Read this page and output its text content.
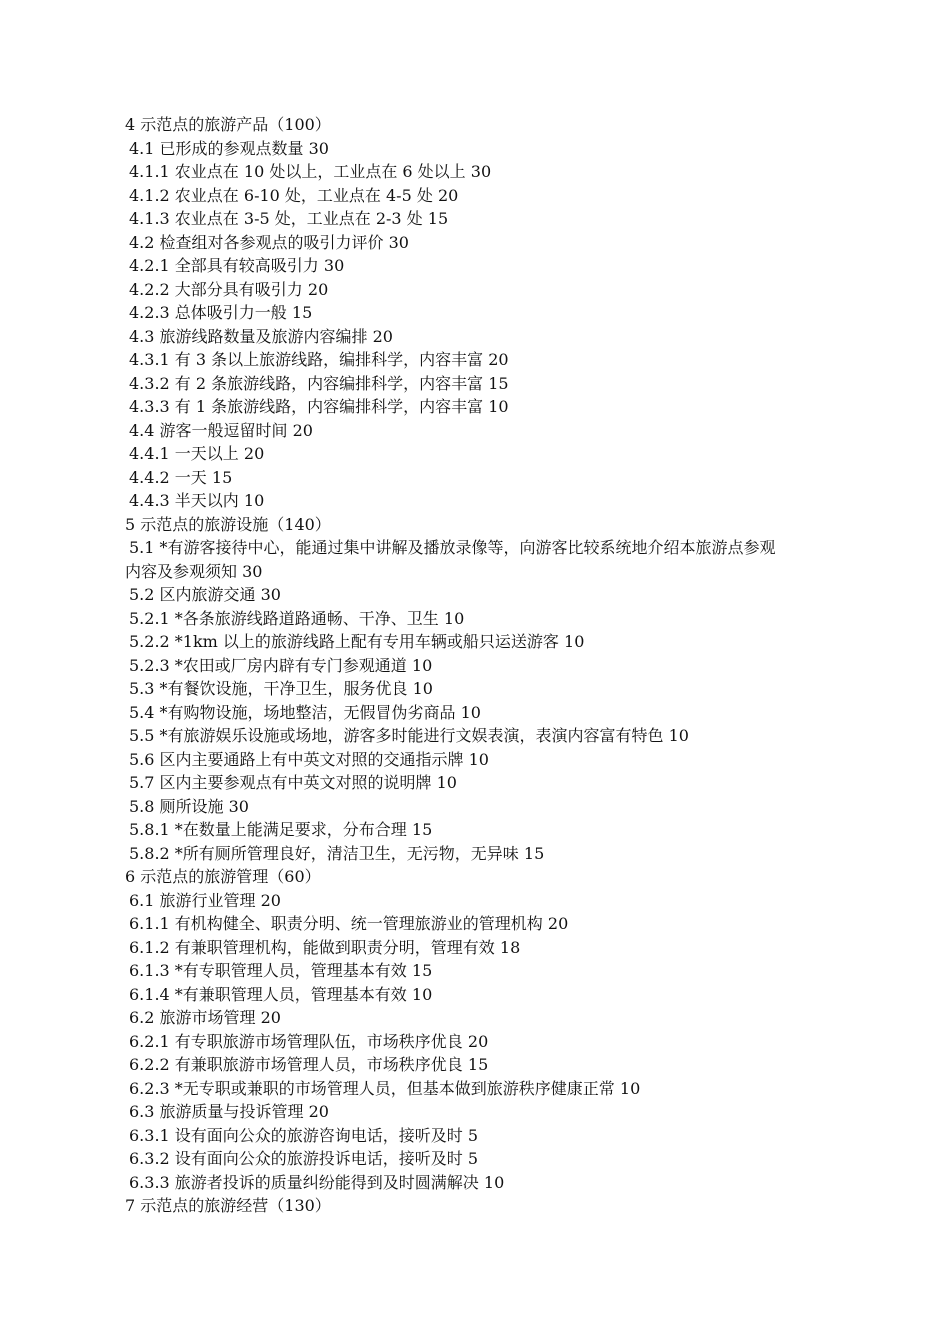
4 示范点的旅游产品（100）
4.1 已形成的参观点数量 30
4.1.1 农业点在 10 处以上，工业点在 6 处以上 30
4.1.2 农业点在 6-10 处，工业点在 4-5 处 20
4.1.3 农业点在 3-5 处，工业点在 2-3 处 15
4.2 检查组对各参观点的吸引力评价 30
4.2.1 全部具有较高吸引力 30
4.2.2 大部分具有吸引力 20
4.2.3 总体吸引力一般 15
4.3 旅游线路数量及旅游内容编排 20
4.3.1 有 3 条以上旅游线路，编排科学，内容丰富 20
4.3.2 有 2 条旅游线路，内容编排科学，内容丰富 15
4.3.3 有 1 条旅游线路，内容编排科学，内容丰富 10
4.4 游客一般逗留时间 20
4.4.1 一天以上 20
4.4.2 一天 15
4.4.3 半天以内 10
5 示范点的旅游设施（140）
5.1 *有游客接待中心，能通过集中讲解及播放录像等，向游客比较系统地介绍本旅游点参观
内容及参观须知 30
5.2 区内旅游交通 30
5.2.1 *各条旅游线路道路通畅、干净、卫生 10
5.2.2 *1km 以上的旅游线路上配有专用车辆或船只运送游客 10
5.2.3 *农田或厂房内辟有专门参观通道 10
5.3 *有餐饮设施，干净卫生，服务优良 10
5.4 *有购物设施，场地整洁，无假冒伪劣商品 10
5.5 *有旅游娱乐设施或场地，游客多时能进行文娱表演，表演内容富有特色 10
5.6 区内主要通路上有中英文对照的交通指示牌 10
5.7 区内主要参观点有中英文对照的说明牌 10
5.8 厕所设施 30
5.8.1 *在数量上能满足要求，分布合理 15
5.8.2 *所有厕所管理良好，清洁卫生，无污物，无异味 15
6 示范点的旅游管理（60）
6.1 旅游行业管理 20
6.1.1 有机构健全、职责分明、统一管理旅游业的管理机构 20
6.1.2 有兼职管理机构，能做到职责分明，管理有效 18
6.1.3 *有专职管理人员，管理基本有效 15
6.1.4 *有兼职管理人员，管理基本有效 10
6.2 旅游市场管理 20
6.2.1 有专职旅游市场管理队伍，市场秩序优良 20
6.2.2 有兼职旅游市场管理人员，市场秩序优良 15
6.2.3 *无专职或兼职的市场管理人员，但基本做到旅游秩序健康正常 10
6.3 旅游质量与投诉管理 20
6.3.1 设有面向公众的旅游咨询电话，接听及时 5
6.3.2 设有面向公众的旅游投诉电话，接听及时 5
6.3.3 旅游者投诉的质量纠纷能得到及时圆满解决 10
7 示范点的旅游经营（130）
